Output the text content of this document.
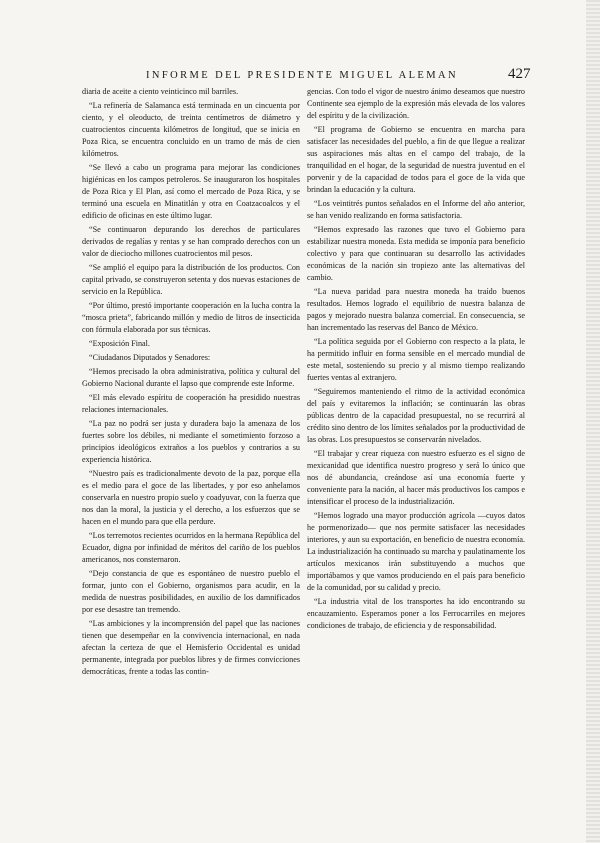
INFORME DEL PRESIDENTE MIGUEL ALEMAN	427

diaria de aceite a ciento veinticinco mil barriles.

“La refinería de Salamanca está terminada en un cincuenta por ciento, y el oleoducto, de treinta centímetros de diámetro y cuatrocientos cincuenta kilómetros de longitud, que se inicia en Poza Rica, se encuentra concluido en un tramo de más de cien kilómetros.

“Se llevó a cabo un programa para mejorar las condiciones higiénicas en los campos petroleros. Se inauguraron los hospitales de Poza Rica y El Plan, así como el mercado de Poza Rica, y se terminó una escuela en Minatitlán y otra en Coatzacoalcos y el edificio de oficinas en este último lugar.

“Se continuaron depurando los derechos de particulares derivados de regalías y rentas y se han comprado derechos con un valor de dieciocho millones cuatrocientos mil pesos.

“Se amplió el equipo para la distribución de los productos. Con capital privado, se construyeron setenta y dos nuevas estaciones de servicio en la República.

“Por último, prestó importante cooperación en la lucha contra la “mosca prieta”, fabricando millón y medio de litros de insecticida con fórmula elaborada por sus técnicas.

“Exposición Final.

“Ciudadanos Diputados y Senadores:

“Hemos precisado la obra administrativa, política y cultural del Gobierno Nacional durante el lapso que comprende este Informe.

“El más elevado espíritu de cooperación ha presidido nuestras relaciones internacionales.

“La paz no podrá ser justa y duradera bajo la amenaza de los fuertes sobre los débiles, ni mediante el sometimiento forzoso a principios ideológicos extraños a los pueblos y contrarios a su experiencia histórica.

“Nuestro país es tradicionalmente devoto de la paz, porque ella es el medio para el goce de las libertades, y por eso anhelamos conservarla en nuestro propio suelo y coadyuvar, con la fuerza que nos dan la moral, la justicia y el derecho, a los esfuerzos que se hacen en el mundo para que ella perdure.

“Los terremotos recientes ocurridos en la hermana República del Ecuador, digna por infinidad de méritos del cariño de los pueblos americanos, nos consternaron.

“Dejo constancia de que es espontáneo de nuestro pueblo el formar, junto con el Gobierno, organismos para acudir, en la medida de nuestras posibilidades, en auxilio de los damnificados por ese desastre tan tremendo.

“Las ambiciones y la incomprensión del papel que las naciones tienen que desempeñar en la convivencia internacional, en nada afectan la certeza de que el Hemisferio Occidental es unidad permanente, integrada por pueblos libres y de firmes convicciones democráticas, frente a todas las contin-

gencias. Con todo el vigor de nuestro ánimo deseamos que nuestro Continente sea ejemplo de la expresión más elevada de los valores del espíritu y de la civilización.

“El programa de Gobierno se encuentra en marcha para satisfacer las necesidades del pueblo, a fin de que llegue a realizar sus aspiraciones más altas en el campo del trabajo, de la tranquilidad en el hogar, de la seguridad de nuestra juventud en el porvenir y de la capacidad de todos para el goce de la vida que brindan la educación y la cultura.

“Los veintitrés puntos señalados en el Informe del año anterior, se han venido realizando en forma satisfactoria.

“Hemos expresado las razones que tuvo el Gobierno para estabilizar nuestra moneda. Esta medida se imponía para beneficio colectivo y para que continuaran su desarrollo las actividades económicas de la nación sin tropiezo ante las alternativas del cambio.

“La nueva paridad para nuestra moneda ha traído buenos resultados. Hemos logrado el equilibrio de nuestra balanza de pagos y mejorado nuestra balanza comercial. En consecuencia, se han incrementado las reservas del Banco de México.

“La política seguida por el Gobierno con respecto a la plata, le ha permitido influir en forma sensible en el mercado mundial de este metal, sosteniendo su precio y al mismo tiempo realizando fuertes ventas al extranjero.

“Seguiremos manteniendo el ritmo de la actividad económica del país y evitaremos la inflación; se continuarán las obras públicas dentro de la capacidad presupuestal, no se recurrirá al crédito sino dentro de los límites señalados por la productividad de las obras. Los presupuestos se conservarán nivelados.

“El trabajar y crear riqueza con nuestro esfuerzo es el signo de mexicanidad que identifica nuestro progreso y será lo único que nos dé abundancia, creándose así una economía fuerte y conveniente para la nación, al hacer más productivos los campos e intensificar el proceso de la industrialización.

“Hemos logrado una mayor producción agrícola —cuyos datos he pormenorizado— que nos permite satisfacer las necesidades interiores, y aun su exportación, en beneficio de nuestra economía. La industrialización ha continuado su marcha y paulatinamente los artículos mexicanos irán substituyendo a muchos que importábamos y que vamos produciendo en el país para beneficio de la comunidad, por su calidad y precio.

“La industria vital de los transportes ha ido encontrando su encauzamiento. Esperamos poner a los Ferrocarriles en mejores condiciones de trabajo, de eficiencia y de responsabilidad.
